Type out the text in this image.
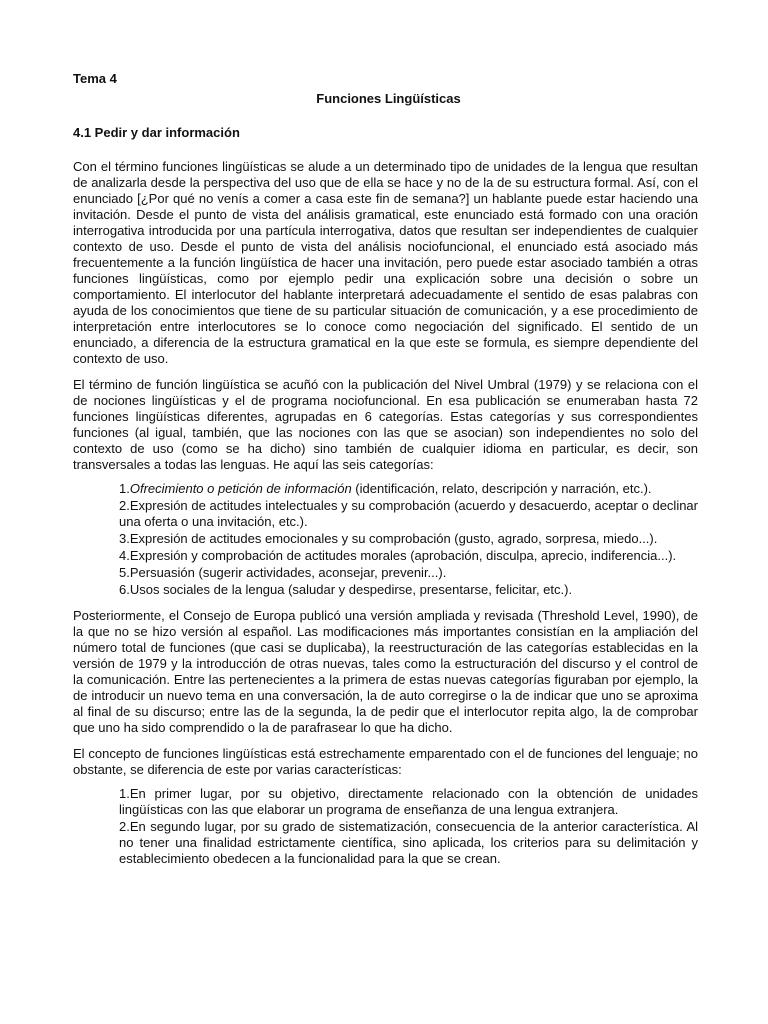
Tema 4

Funciones Lingüísticas

4.1 Pedir y dar información

Con el término funciones lingüísticas se alude a un determinado tipo de unidades de la lengua que resultan de analizarla desde la perspectiva del uso que de ella se hace y no de la de su estructura formal. Así, con el enunciado [¿Por qué no venís a comer a casa este fin de semana?] un hablante puede estar haciendo una invitación. Desde el punto de vista del análisis gramatical, este enunciado está formado con una oración interrogativa introducida por una partícula interrogativa, datos que resultan ser independientes de cualquier contexto de uso. Desde el punto de vista del análisis nociofuncional, el enunciado está asociado más frecuentemente a la función lingüística de hacer una invitación, pero puede estar asociado también a otras funciones lingüísticas, como por ejemplo pedir una explicación sobre una decisión o sobre un comportamiento. El interlocutor del hablante interpretará adecuadamente el sentido de esas palabras con ayuda de los conocimientos que tiene de su particular situación de comunicación, y a ese procedimiento de interpretación entre interlocutores se lo conoce como negociación del significado. El sentido de un enunciado, a diferencia de la estructura gramatical en la que este se formula, es siempre dependiente del contexto de uso.

El término de función lingüística se acuñó con la publicación del Nivel Umbral (1979) y se relaciona con el de nociones lingüísticas y el de programa nociofuncional. En esa publicación se enumeraban hasta 72 funciones lingüísticas diferentes, agrupadas en 6 categorías. Estas categorías y sus correspondientes funciones (al igual, también, que las nociones con las que se asocian) son independientes no solo del contexto de uso (como se ha dicho) sino también de cualquier idioma en particular, es decir, son transversales a todas las lenguas. He aquí las seis categorías:

1.Ofrecimiento o petición de información (identificación, relato, descripción y narración, etc.).
2.Expresión de actitudes intelectuales y su comprobación (acuerdo y desacuerdo, aceptar o declinar una oferta o una invitación, etc.).
3.Expresión de actitudes emocionales y su comprobación (gusto, agrado, sorpresa, miedo...).
4.Expresión y comprobación de actitudes morales (aprobación, disculpa, aprecio, indiferencia...).
5.Persuasión (sugerir actividades, aconsejar, prevenir...).
6.Usos sociales de la lengua (saludar y despedirse, presentarse, felicitar, etc.).

Posteriormente, el Consejo de Europa publicó una versión ampliada y revisada (Threshold Level, 1990), de la que no se hizo versión al español. Las modificaciones más importantes consistían en la ampliación del número total de funciones (que casi se duplicaba), la reestructuración de las categorías establecidas en la versión de 1979 y la introducción de otras nuevas, tales como la estructuración del discurso y el control de la comunicación. Entre las pertenecientes a la primera de estas nuevas categorías figuraban por ejemplo, la de introducir un nuevo tema en una conversación, la de auto corregirse o la de indicar que uno se aproxima al final de su discurso; entre las de la segunda, la de pedir que el interlocutor repita algo, la de comprobar que uno ha sido comprendido o la de parafrasear lo que ha dicho.

El concepto de funciones lingüísticas está estrechamente emparentado con el de funciones del lenguaje; no obstante, se diferencia de este por varias características:

1.En primer lugar, por su objetivo, directamente relacionado con la obtención de unidades lingüísticas con las que elaborar un programa de enseñanza de una lengua extranjera.
2.En segundo lugar, por su grado de sistematización, consecuencia de la anterior característica. Al no tener una finalidad estrictamente científica, sino aplicada, los criterios para su delimitación y establecimiento obedecen a la funcionalidad para la que se crean.
